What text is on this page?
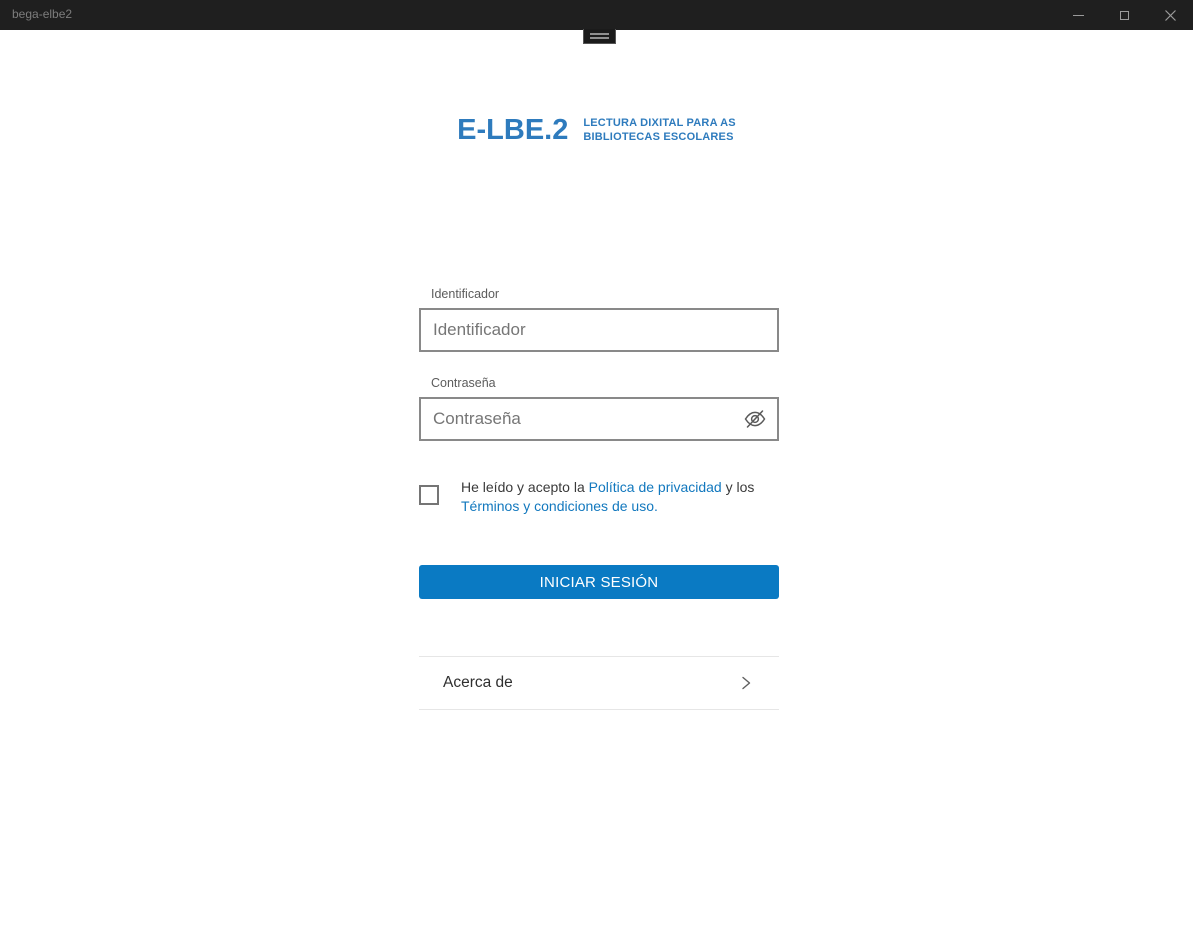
bega-elbe2
E-LBE.2 LECTURA DIXITAL PARA AS
BIBLIOTECAS ESCOLARES
Identificador
Identificador
Contraseña
He leído y acepto la Política de privacidad y los Términos y condiciones de uso.
INICIAR SESIÓN
Acerca de
